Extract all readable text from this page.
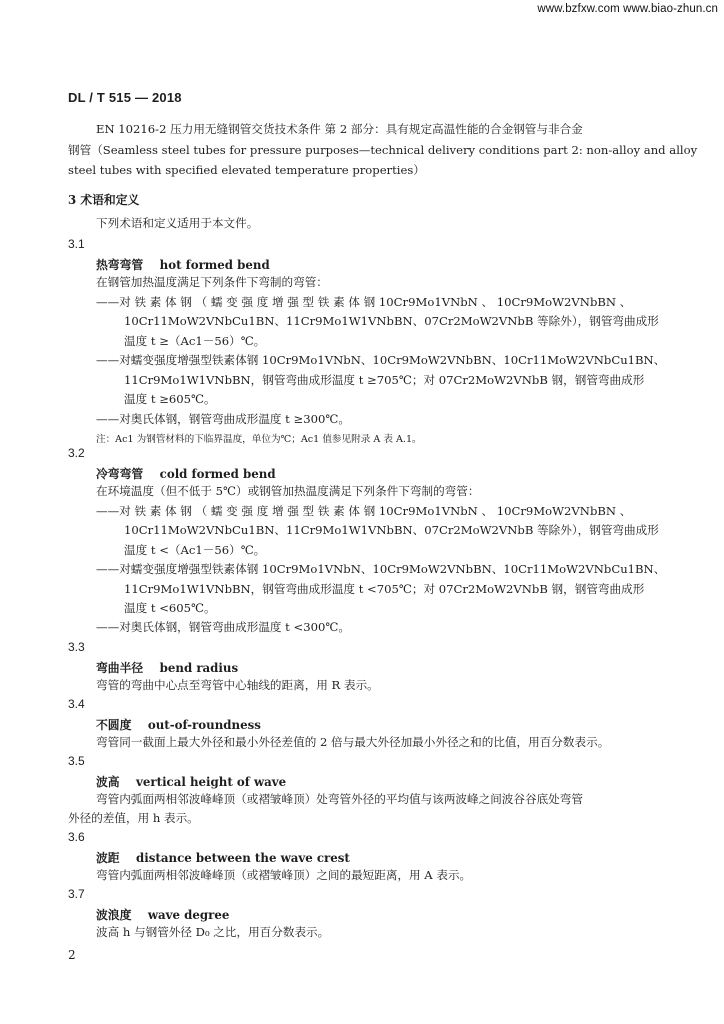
www.bzfxw.com www.biao-zhun.cn
DL / T 515 — 2018
EN 10216-2 压力用无缝钢管交货技术条件 第 2 部分：具有规定高温性能的合金钢管与非合金
钢管（Seamless steel tubes for pressure purposes—technical delivery conditions part 2: non-alloy and alloy
steel tubes with specified elevated temperature properties）
3 术语和定义
下列术语和定义适用于本文件。
3.1
热弯弯管 hot formed bend
在钢管加热温度满足下列条件下弯制的弯管：
——对 铁 素 体 钢 （ 蠕 变 强 度 增 强 型 铁 素 体 钢 10Cr9Mo1VNbN 、 10Cr9MoW2VNbBN 、
10Cr11MoW2VNbCu1BN、11Cr9Mo1W1VNbBN、07Cr2MoW2VNbB 等除外），钢管弯曲成形
温度 t ≥（Ac1－56）℃。
——对蠕变强度增强型铁素体钢 10Cr9Mo1VNbN、10Cr9MoW2VNbBN、10Cr11MoW2VNbCu1BN、
11Cr9Mo1W1VNbBN，钢管弯曲成形温度 t ≥705℃；对 07Cr2MoW2VNbB 钢，钢管弯曲成形
温度 t ≥605℃。
——对奥氏体钢，钢管弯曲成形温度 t ≥300℃。
注：Ac1 为钢管材料的下临界温度，单位为℃；Ac1 值参见附录 A 表 A.1。
3.2
冷弯弯管 cold formed bend
在环境温度（但不低于 5℃）或钢管加热温度满足下列条件下弯制的弯管：
——对 铁 素 体 钢 （ 蠕 变 强 度 增 强 型 铁 素 体 钢 10Cr9Mo1VNbN 、 10Cr9MoW2VNbBN 、
10Cr11MoW2VNbCu1BN、11Cr9Mo1W1VNbBN、07Cr2MoW2VNbB 等除外），钢管弯曲成形
温度 t <（Ac1－56）℃。
——对蠕变强度增强型铁素体钢 10Cr9Mo1VNbN、10Cr9MoW2VNbBN、10Cr11MoW2VNbCu1BN、
11Cr9Mo1W1VNbBN，钢管弯曲成形温度 t <705℃；对 07Cr2MoW2VNbB 钢，钢管弯曲成形
温度 t <605℃。
——对奥氏体钢，钢管弯曲成形温度 t <300℃。
3.3
弯曲半径 bend radius
弯管的弯曲中心点至弯管中心轴线的距离，用 R 表示。
3.4
不圆度 out-of-roundness
弯管同一截面上最大外径和最小外径差值的 2 倍与最大外径加最小外径之和的比值，用百分数表示。
3.5
波高 vertical height of wave
弯管内弧面两相邻波峰峰顶（或褶皱峰顶）处弯管外径的平均值与该两波峰之间波谷谷底处弯管
外径的差值，用 h 表示。
3.6
波距 distance between the wave crest
弯管内弧面两相邻波峰峰顶（或褶皱峰顶）之间的最短距离，用 A 表示。
3.7
波浪度 wave degree
波高 h 与钢管外径 D₀ 之比，用百分数表示。
2
